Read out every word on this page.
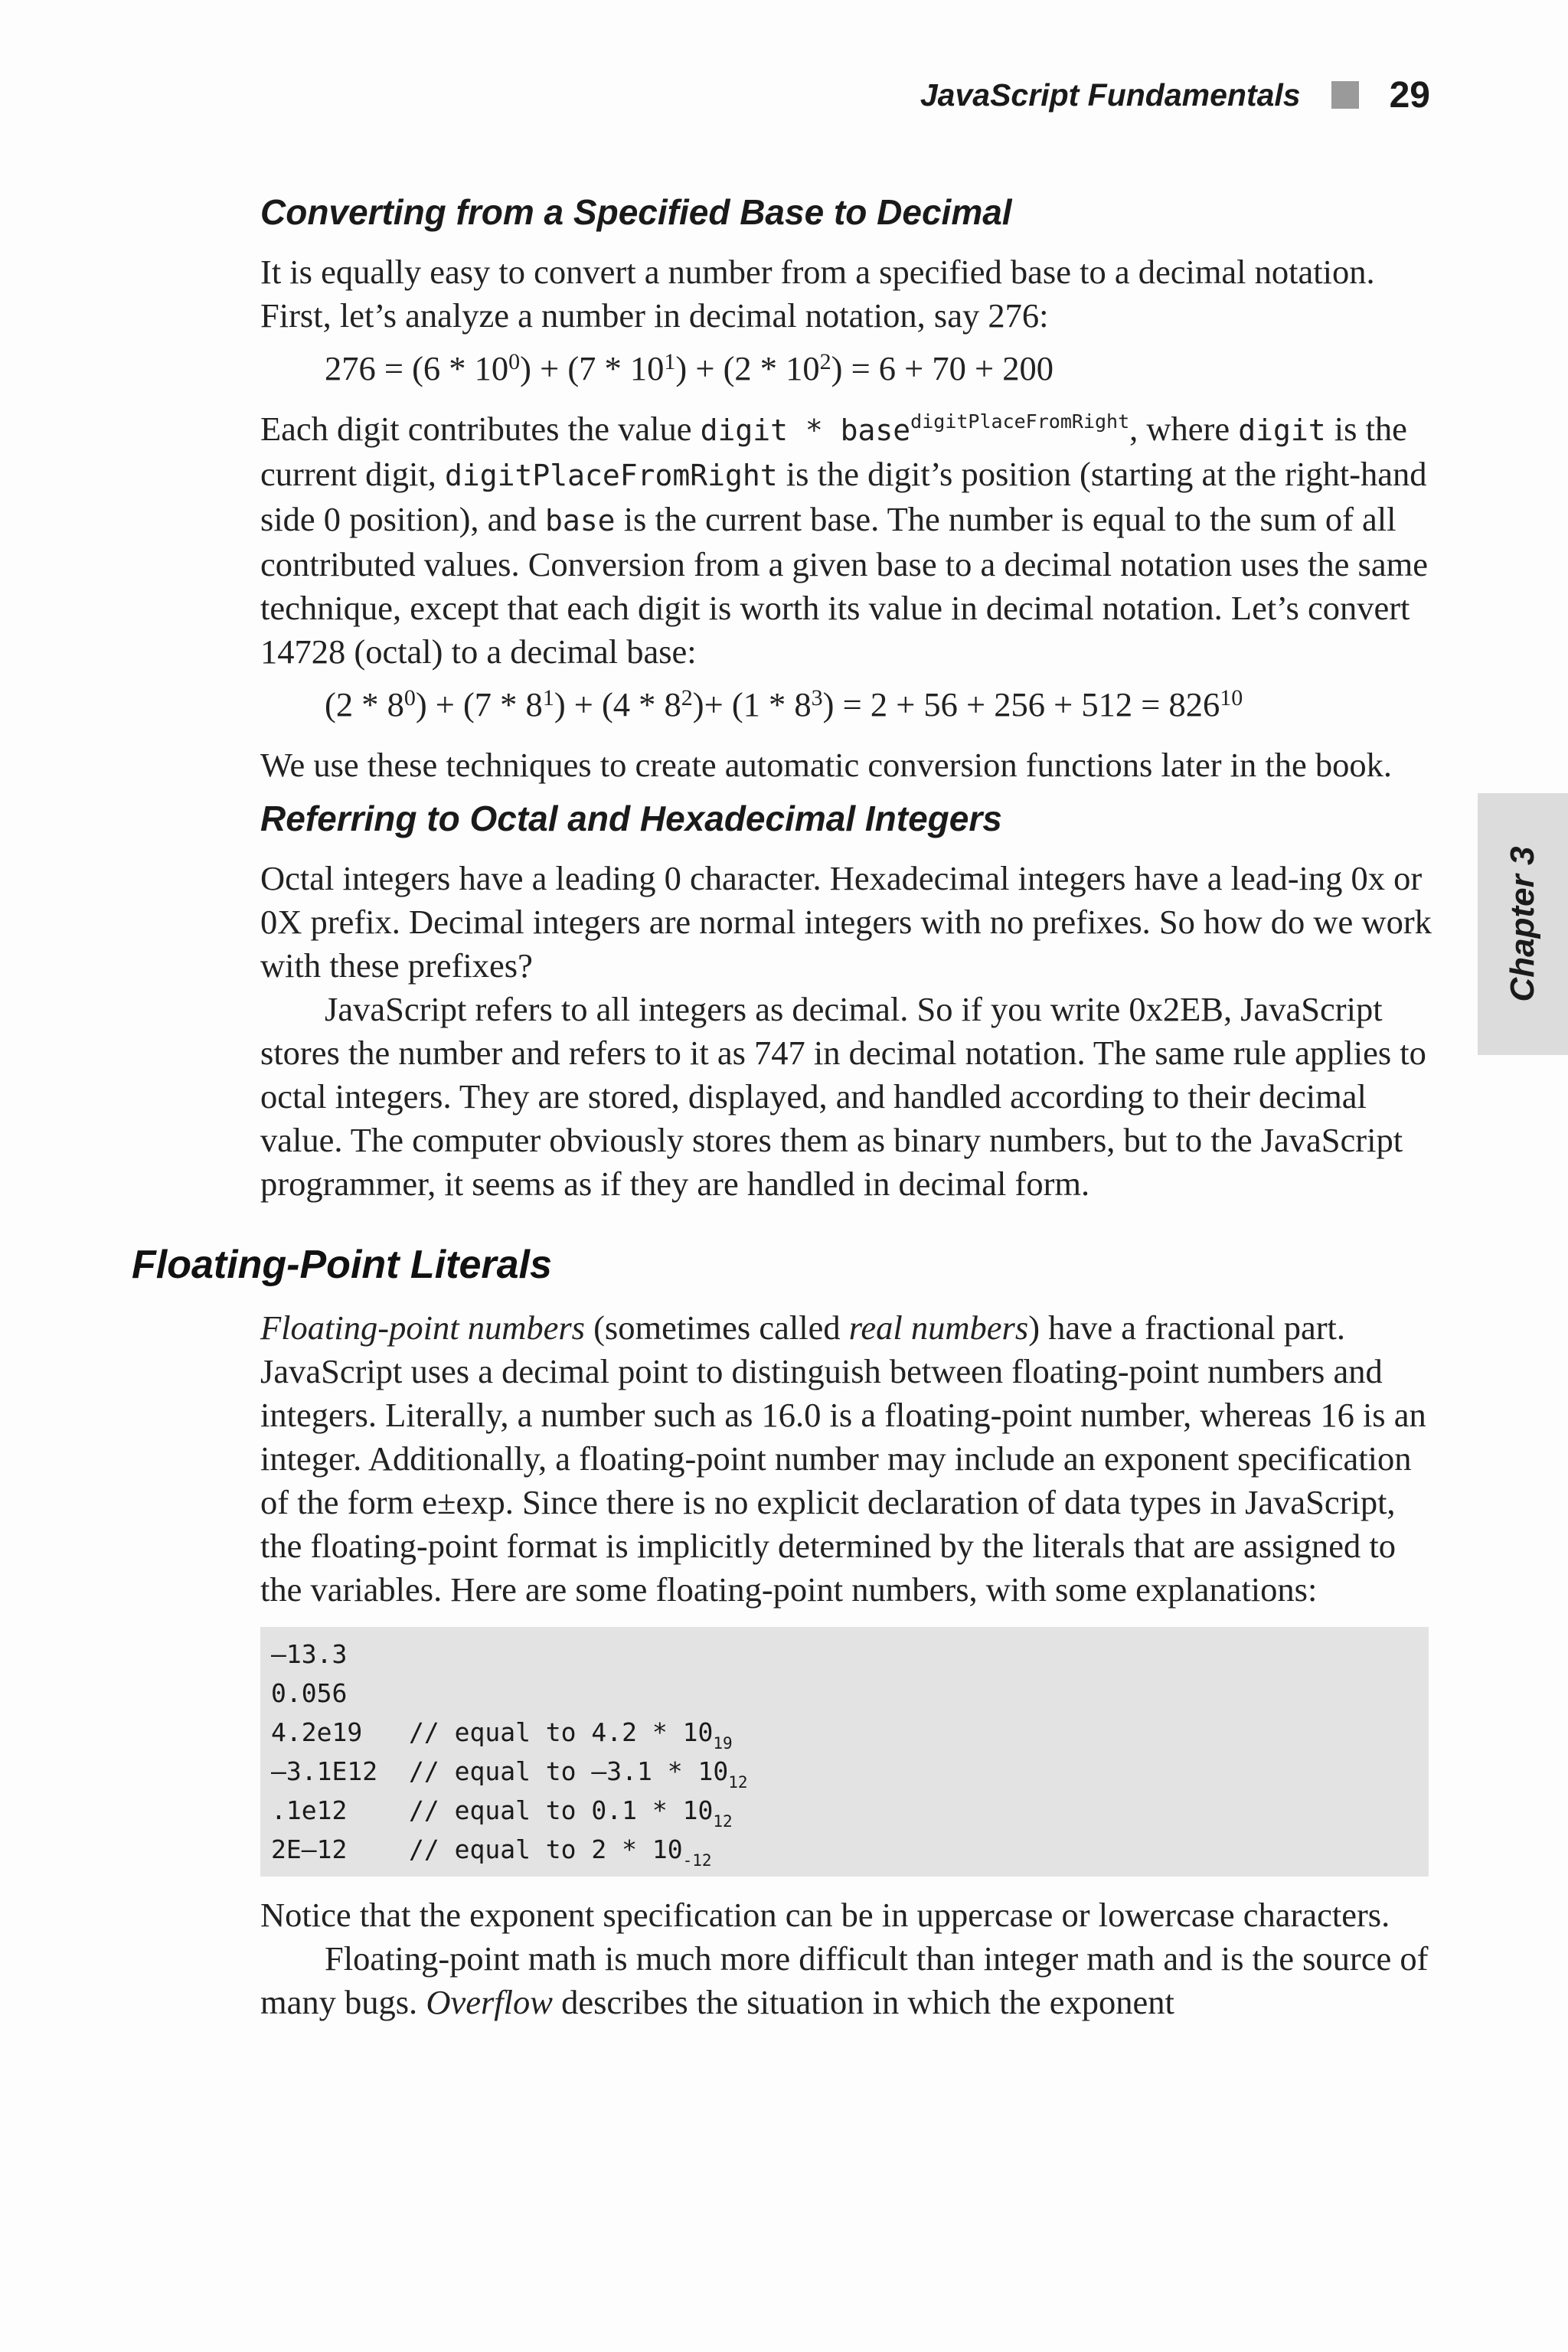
JavaScript Fundamentals 29
Chapter 3
Converting from a Specified Base to Decimal

It is equally easy to convert a number from a specified base to a decimal notation. First, let’s analyze a number in decimal notation, say 276:

$276 = (6 * 10^0) + (7 * 10^1) + (2 * 10^2) = 6 + 70 + 200$

Each digit contributes the value digit * base$^{digitPlaceFromRight}$, where digit is the current digit, digitPlaceFromRight is the digit’s position (starting at the right-hand side 0 position), and base is the current base. The number is equal to the sum of all contributed values. Conversion from a given base to a decimal notation uses the same technique, except that each digit is worth its value in decimal notation. Let’s convert 14728 (octal) to a decimal base:

$(2 * 8^0) + (7 * 8^1) + (4 * 8^2)+ (1 * 8^3) = 2 + 56 + 256 + 512 = 826^{10}$

We use these techniques to create automatic conversion functions later in the book.

Referring to Octal and Hexadecimal Integers

Octal integers have a leading 0 character. Hexadecimal integers have a lead-ing 0x or 0X prefix. Decimal integers are normal integers with no prefixes. So how do we work with these prefixes?

JavaScript refers to all integers as decimal. So if you write 0x2EB, JavaScript stores the number and refers to it as 747 in decimal notation. The same rule applies to octal integers. They are stored, displayed, and handled according to their decimal value. The computer obviously stores them as binary numbers, but to the JavaScript programmer, it seems as if they are handled in decimal form.

Floating-Point Literals

Floating-point numbers (sometimes called real numbers) have a fractional part. JavaScript uses a decimal point to distinguish between floating-point numbers and integers. Literally, a number such as 16.0 is a floating-point number, whereas 16 is an integer. Additionally, a floating-point number may include an exponent specification of the form e±exp. Since there is no explicit declaration of data types in JavaScript, the floating-point format is implicitly determined by the literals that are assigned to the variables. Here are some floating-point numbers, with some explanations:

–13.3
0.056
4.2e19	// equal to $4.2 * 10_{19}$
–3.1E12	// equal to $-3.1 * 10_{12}$
.1e12	// equal to $0.1 * 10_{12}$
2E–12	// equal to $2 * 10_{-12}$

Notice that the exponent specification can be in uppercase or lowercase characters.

Floating-point math is much more difficult than integer math and is the source of many bugs. Overflow describes the situation in which the exponent
